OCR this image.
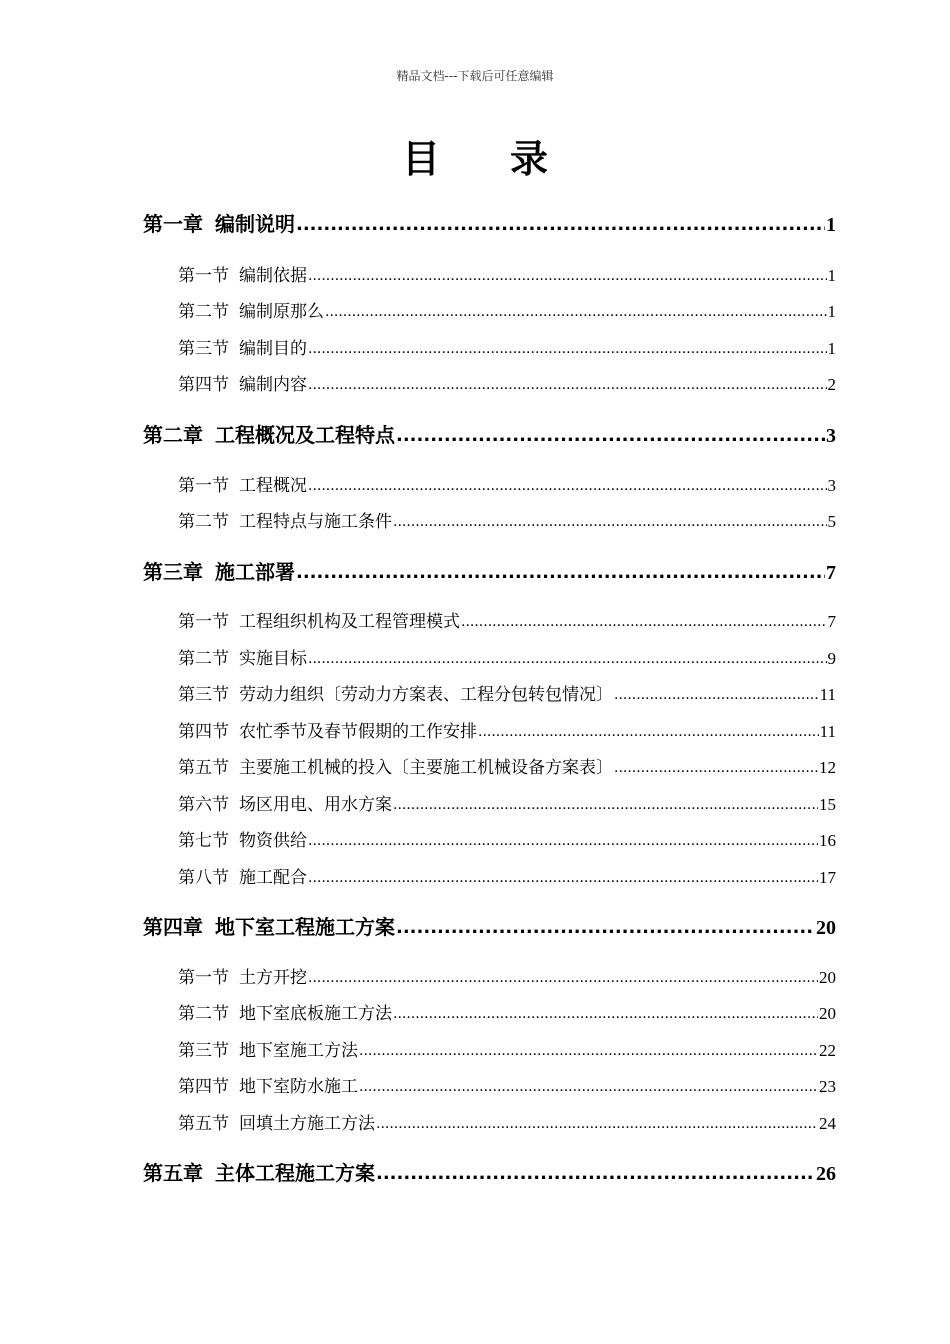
精品文档---下载后可任意编辑
目录
第一章 编制说明 .....	1
第一节 编制依据 .....	1
第二节 编制原那么 .....	1
第三节 编制目的 .....	1
第四节 编制内容 .....	2
第二章 工程概况及工程特点 .....	3
第一节 工程概况 .....	3
第二节 工程特点与施工条件 .....	5
第三章 施工部署 .....	7
第一节 工程组织机构及工程管理模式 .....	7
第二节 实施目标 .....	9
第三节 劳动力组织〔劳动力方案表、工程分包转包情况〕 .....	11
第四节 农忙季节及春节假期的工作安排 .....	11
第五节 主要施工机械的投入〔主要施工机械设备方案表〕 .....	12
第六节 场区用电、用水方案 .....	15
第七节 物资供给 .....	16
第八节 施工配合 .....	17
第四章 地下室工程施工方案 .....	20
第一节 土方开挖 .....	20
第二节 地下室底板施工方法 .....	20
第三节 地下室施工方法 .....	22
第四节 地下室防水施工 .....	23
第五节 回填土方施工方法 .....	24
第五章 主体工程施工方案 .....	26
